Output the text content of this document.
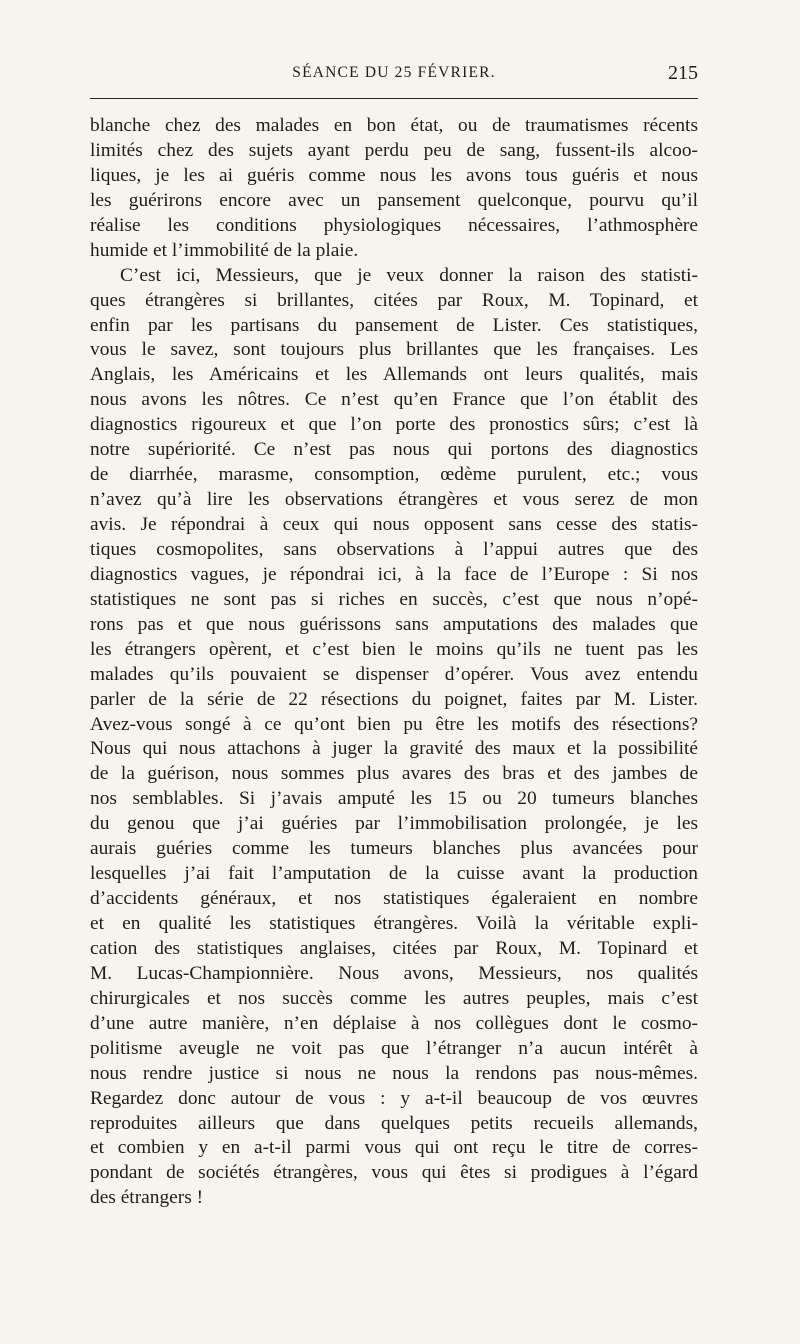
SÉANCE DU 25 FÉVRIER.	215
blanche chez des malades en bon état, ou de traumatismes récents
limités chez des sujets ayant perdu peu de sang, fussent-ils alcoo-
liques, je les ai guéris comme nous les avons tous guéris et nous
les guérirons encore avec un pansement quelconque, pourvu qu’il
réalise les conditions physiologiques nécessaires, l’athmosphère
humide et l’immobilité de la plaie.
C’est ici, Messieurs, que je veux donner la raison des statisti-
ques étrangères si brillantes, citées par Roux, M. Topinard, et
enfin par les partisans du pansement de Lister. Ces statistiques,
vous le savez, sont toujours plus brillantes que les françaises. Les
Anglais, les Américains et les Allemands ont leurs qualités, mais
nous avons les nôtres. Ce n’est qu’en France que l’on établit des
diagnostics rigoureux et que l’on porte des pronostics sûrs; c’est là
notre supériorité. Ce n’est pas nous qui portons des diagnostics
de diarrhée, marasme, consomption, œdème purulent, etc.; vous
n’avez qu’à lire les observations étrangères et vous serez de mon
avis. Je répondrai à ceux qui nous opposent sans cesse des statis-
tiques cosmopolites, sans observations à l’appui autres que des
diagnostics vagues, je répondrai ici, à la face de l’Europe : Si nos
statistiques ne sont pas si riches en succès, c’est que nous n’opé-
rons pas et que nous guérissons sans amputations des malades que
les étrangers opèrent, et c’est bien le moins qu’ils ne tuent pas les
malades qu’ils pouvaient se dispenser d’opérer. Vous avez entendu
parler de la série de 22 résections du poignet, faites par M. Lister.
Avez-vous songé à ce qu’ont bien pu être les motifs des résections?
Nous qui nous attachons à juger la gravité des maux et la possibilité
de la guérison, nous sommes plus avares des bras et des jambes de
nos semblables. Si j’avais amputé les 15 ou 20 tumeurs blanches
du genou que j’ai guéries par l’immobilisation prolongée, je les
aurais guéries comme les tumeurs blanches plus avancées pour
lesquelles j’ai fait l’amputation de la cuisse avant la production
d’accidents généraux, et nos statistiques égaleraient en nombre
et en qualité les statistiques étrangères. Voilà la véritable expli-
cation des statistiques anglaises, citées par Roux, M. Topinard et
M. Lucas-Championnière. Nous avons, Messieurs, nos qualités
chirurgicales et nos succès comme les autres peuples, mais c’est
d’une autre manière, n’en déplaise à nos collègues dont le cosmo-
politisme aveugle ne voit pas que l’étranger n’a aucun intérêt à
nous rendre justice si nous ne nous la rendons pas nous-mêmes.
Regardez donc autour de vous : y a-t-il beaucoup de vos œuvres
reproduites ailleurs que dans quelques petits recueils allemands,
et combien y en a-t-il parmi vous qui ont reçu le titre de corres-
pondant de sociétés étrangères, vous qui êtes si prodigues à l’égard
des étrangers !
